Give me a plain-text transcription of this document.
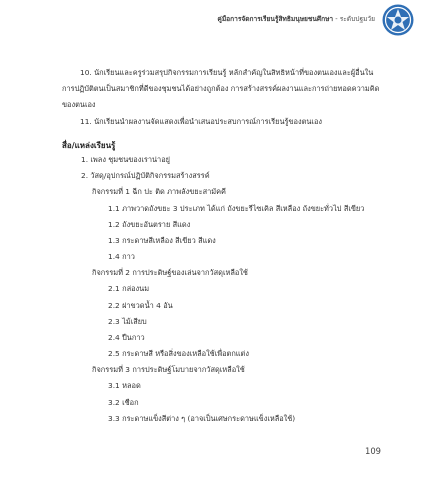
คู่มือการจัดการเรียนรู้สิทธิมนุษยชนศึกษา - ระดับปฐมวัย
10. นักเรียนและครูร่วมสรุปกิจกรรมการเรียนรู้ หลักสำคัญในสิทธิหน้าที่ของตนเองและผู้อื่นใน
การปฏิบัติตนเป็นสมาชิกที่ดีของชุมชนได้อย่างถูกต้อง การสร้างสรรค์ผลงานและการถ่ายทอดความคิด
ของตนเอง
11. นักเรียนนำผลงานจัดแสดงเพื่อนำเสนอประสบการณ์การเรียนรู้ของตนเอง
สื่อ/แหล่งเรียนรู้
1. เพลง ชุมชนของเราน่าอยู่
2. วัสดุ/อุปกรณ์ปฏิบัติกิจกรรมสร้างสรรค์
กิจกรรมที่ 1 ฉีก ปะ ติด ภาพลังขยะสามัคคี
1.1 ภาพวาดถังขยะ 3 ประเภท ได้แก่ ถังขยะรีไซเคิล สีเหลือง ถังขยะทั่วไป สีเขียว
1.2 ถังขยะอันตราย สีแดง
1.3 กระดาษสีเหลือง สีเขียว สีแดง
1.4 กาว
กิจกรรมที่ 2 การประดิษฐ์ของเล่นจากวัสดุเหลือใช้
2.1 กล่องนม
2.2 ฝาขวดน้ำ 4 อัน
2.3 ไม้เสียบ
2.4 ปืนกาว
2.5 กระดาษสี หรือสิ่งของเหลือใช้เพื่อตกแต่ง
กิจกรรมที่ 3 การประดิษฐ์โมบายจากวัสดุเหลือใช้
3.1 หลอด
3.2 เชือก
3.3 กระดาษแข็งสีต่าง ๆ (อาจเป็นเศษกระดาษแข็งเหลือใช้)
109
